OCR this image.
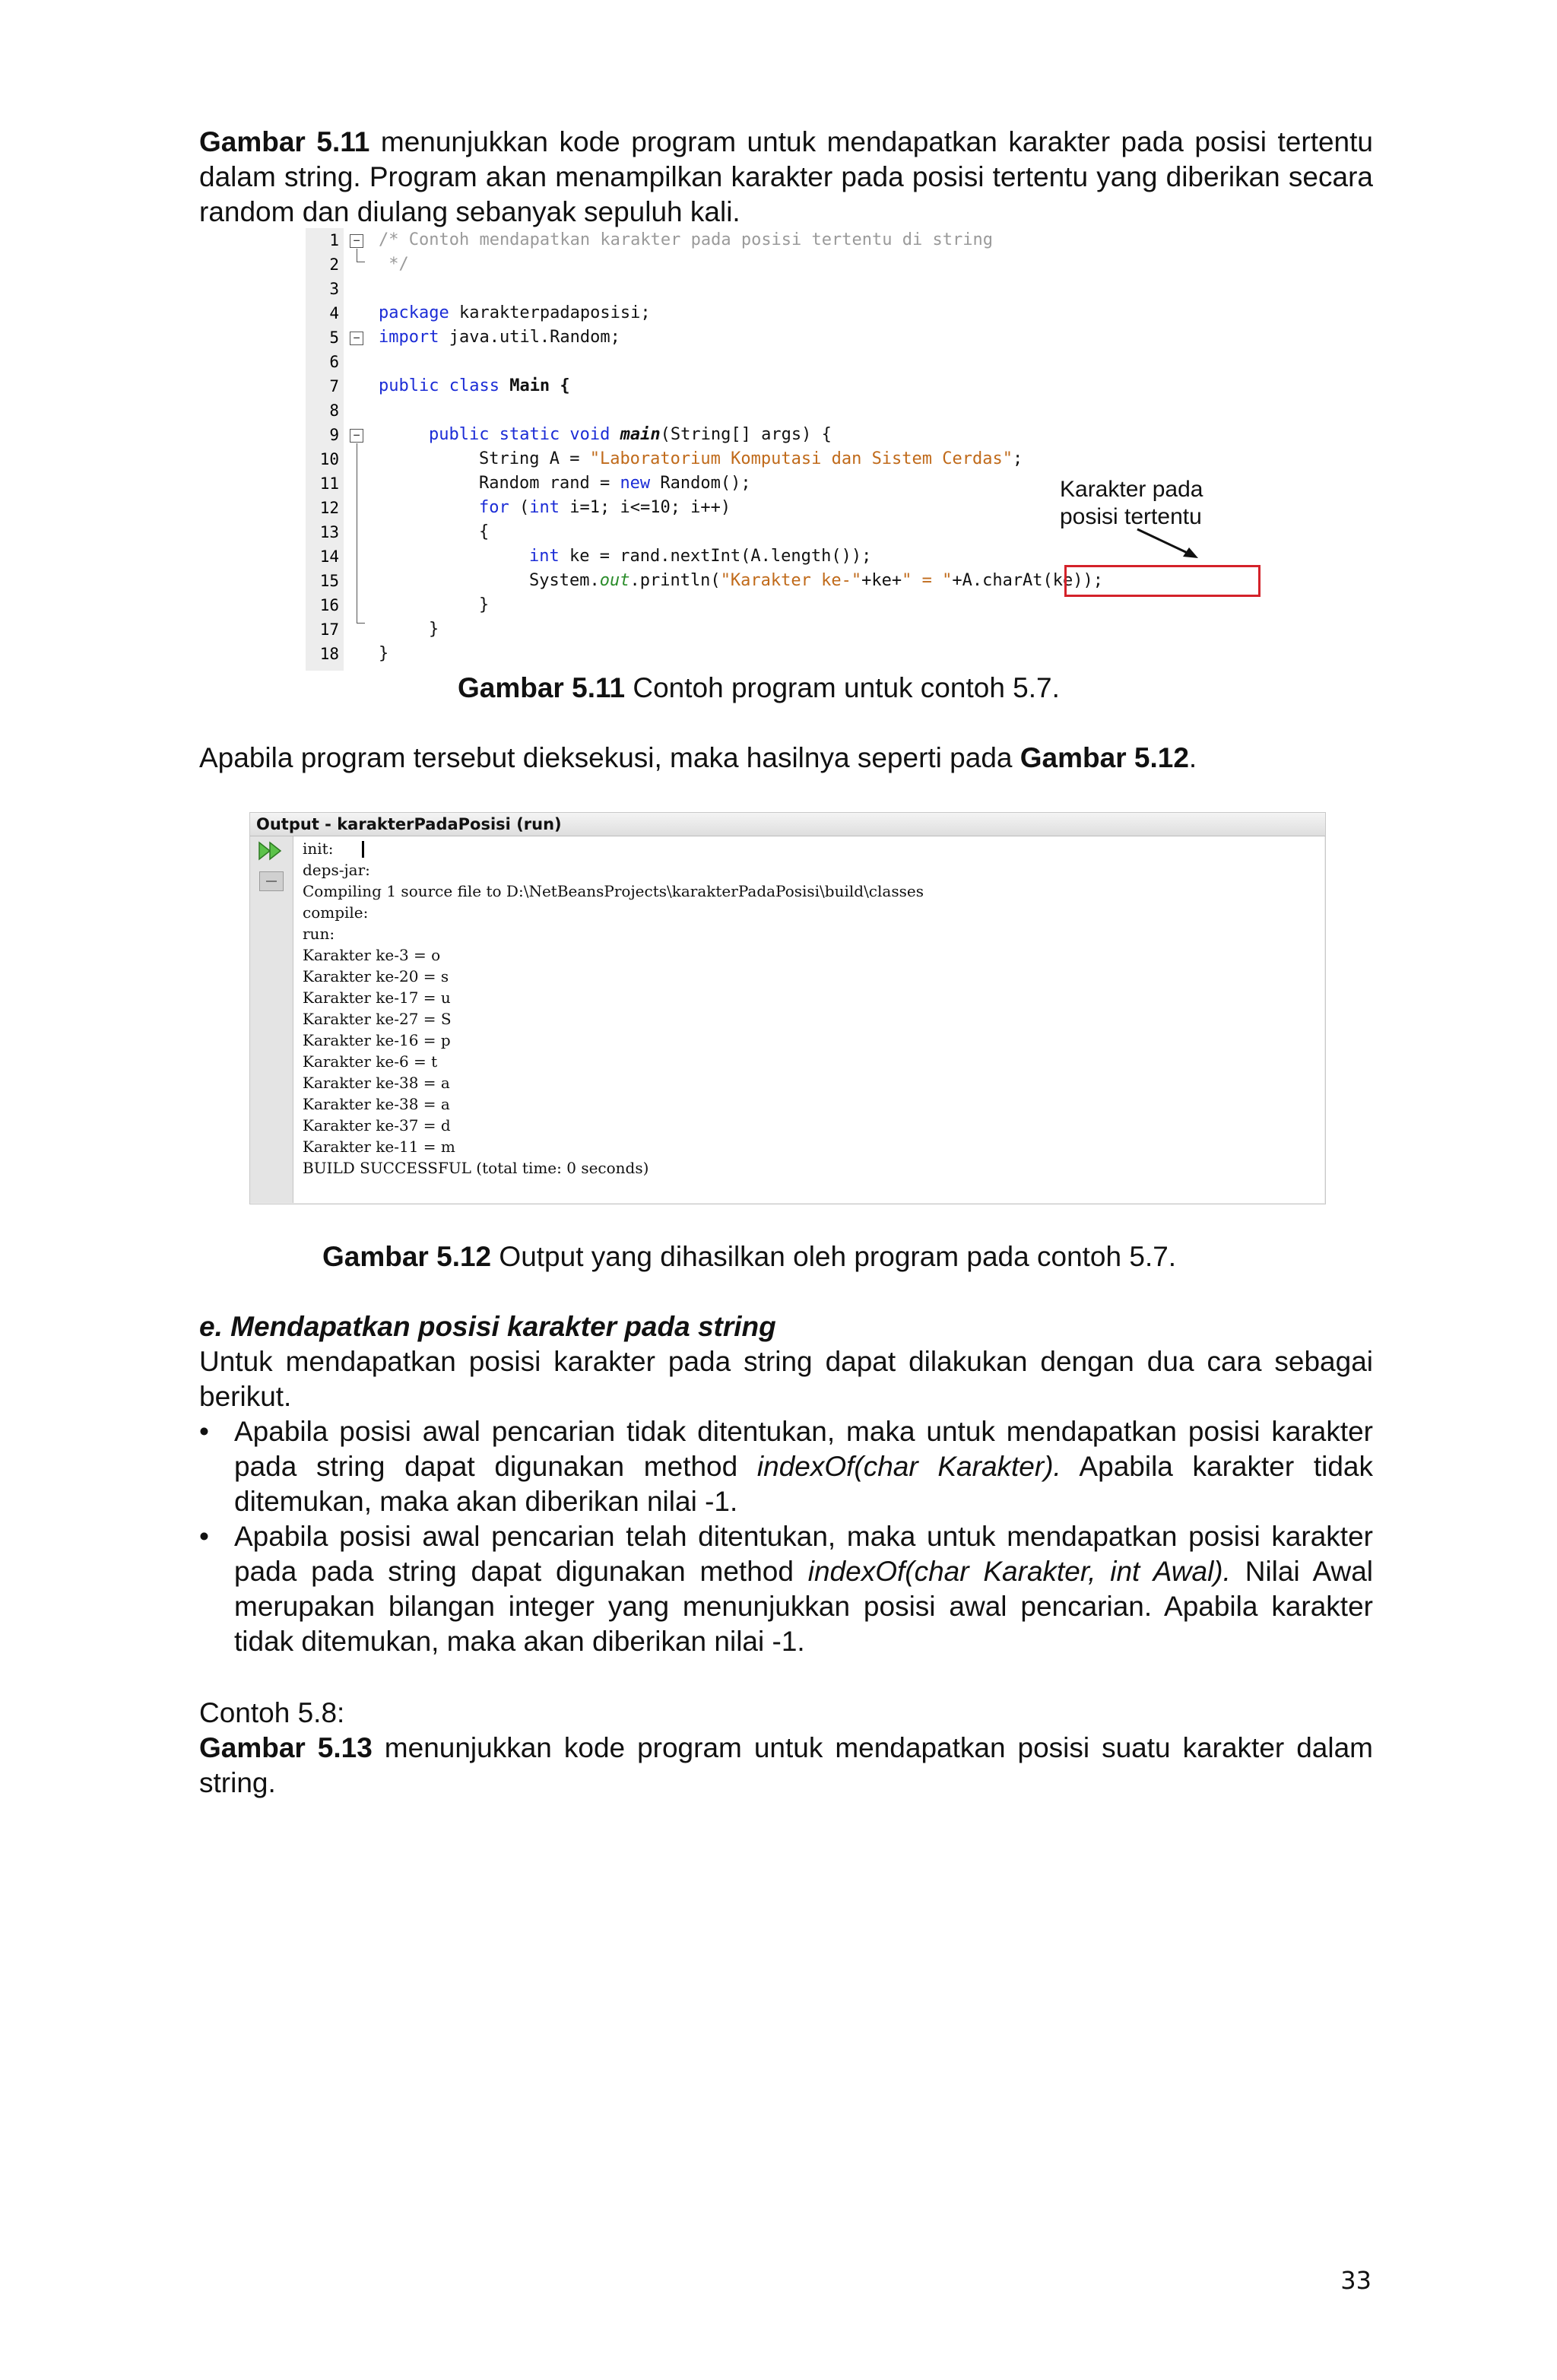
Gambar 5.11 menunjukkan kode program untuk mendapatkan karakter pada posisi tertentu dalam string. Program akan menampilkan karakter pada posisi tertentu yang diberikan secara random dan diulang sebanyak sepuluh kali.
−
−
−
1 /* Contoh mendapatkan karakter pada posisi tertentu di string
2 */
3
4 package karakterpadaposisi;
5 import java.util.Random;
6
7 public class Main {
8
9	public static void main(String[] args) {
10	String A = "Laboratorium Komputasi dan Sistem Cerdas";
11	Random rand = new Random();
12	for (int i=1; i<=10; i++)
13	{
14	int ke = rand.nextInt(A.length());
15	System.out.println("Karakter ke-"+ke+" = "+A.charAt(ke));
16	}
17	}
18 }
Karakter pada
posisi tertentu
Gambar 5.11 Contoh program untuk contoh 5.7.
Apabila program tersebut dieksekusi, maka hasilnya seperti pada Gambar 5.12.
Output - karakterPadaPosisi (run)
init:
deps-jar:
Compiling 1 source file to D:\NetBeansProjects\karakterPadaPosisi\build\classes
compile:
run:
Karakter ke-3 = o
Karakter ke-20 = s
Karakter ke-17 = u
Karakter ke-27 = S
Karakter ke-16 = p
Karakter ke-6 = t
Karakter ke-38 = a
Karakter ke-38 = a
Karakter ke-37 = d
Karakter ke-11 = m
BUILD SUCCESSFUL (total time: 0 seconds)
Gambar 5.12 Output yang dihasilkan oleh program pada contoh 5.7.
e. Mendapatkan posisi karakter pada string
Untuk mendapatkan posisi karakter pada string dapat dilakukan dengan dua cara sebagai berikut.
• Apabila posisi awal pencarian tidak ditentukan, maka untuk mendapatkan posisi karakter pada string dapat digunakan method indexOf(char Karakter). Apabila karakter tidak ditemukan, maka akan diberikan nilai -1.
• Apabila posisi awal pencarian telah ditentukan, maka untuk mendapatkan posisi karakter pada pada string dapat digunakan method indexOf(char Karakter, int Awal). Nilai Awal merupakan bilangan integer yang menunjukkan posisi awal pencarian. Apabila karakter tidak ditemukan, maka akan diberikan nilai -1.
Contoh 5.8:
Gambar 5.13 menunjukkan kode program untuk mendapatkan posisi suatu karakter dalam string.
33
